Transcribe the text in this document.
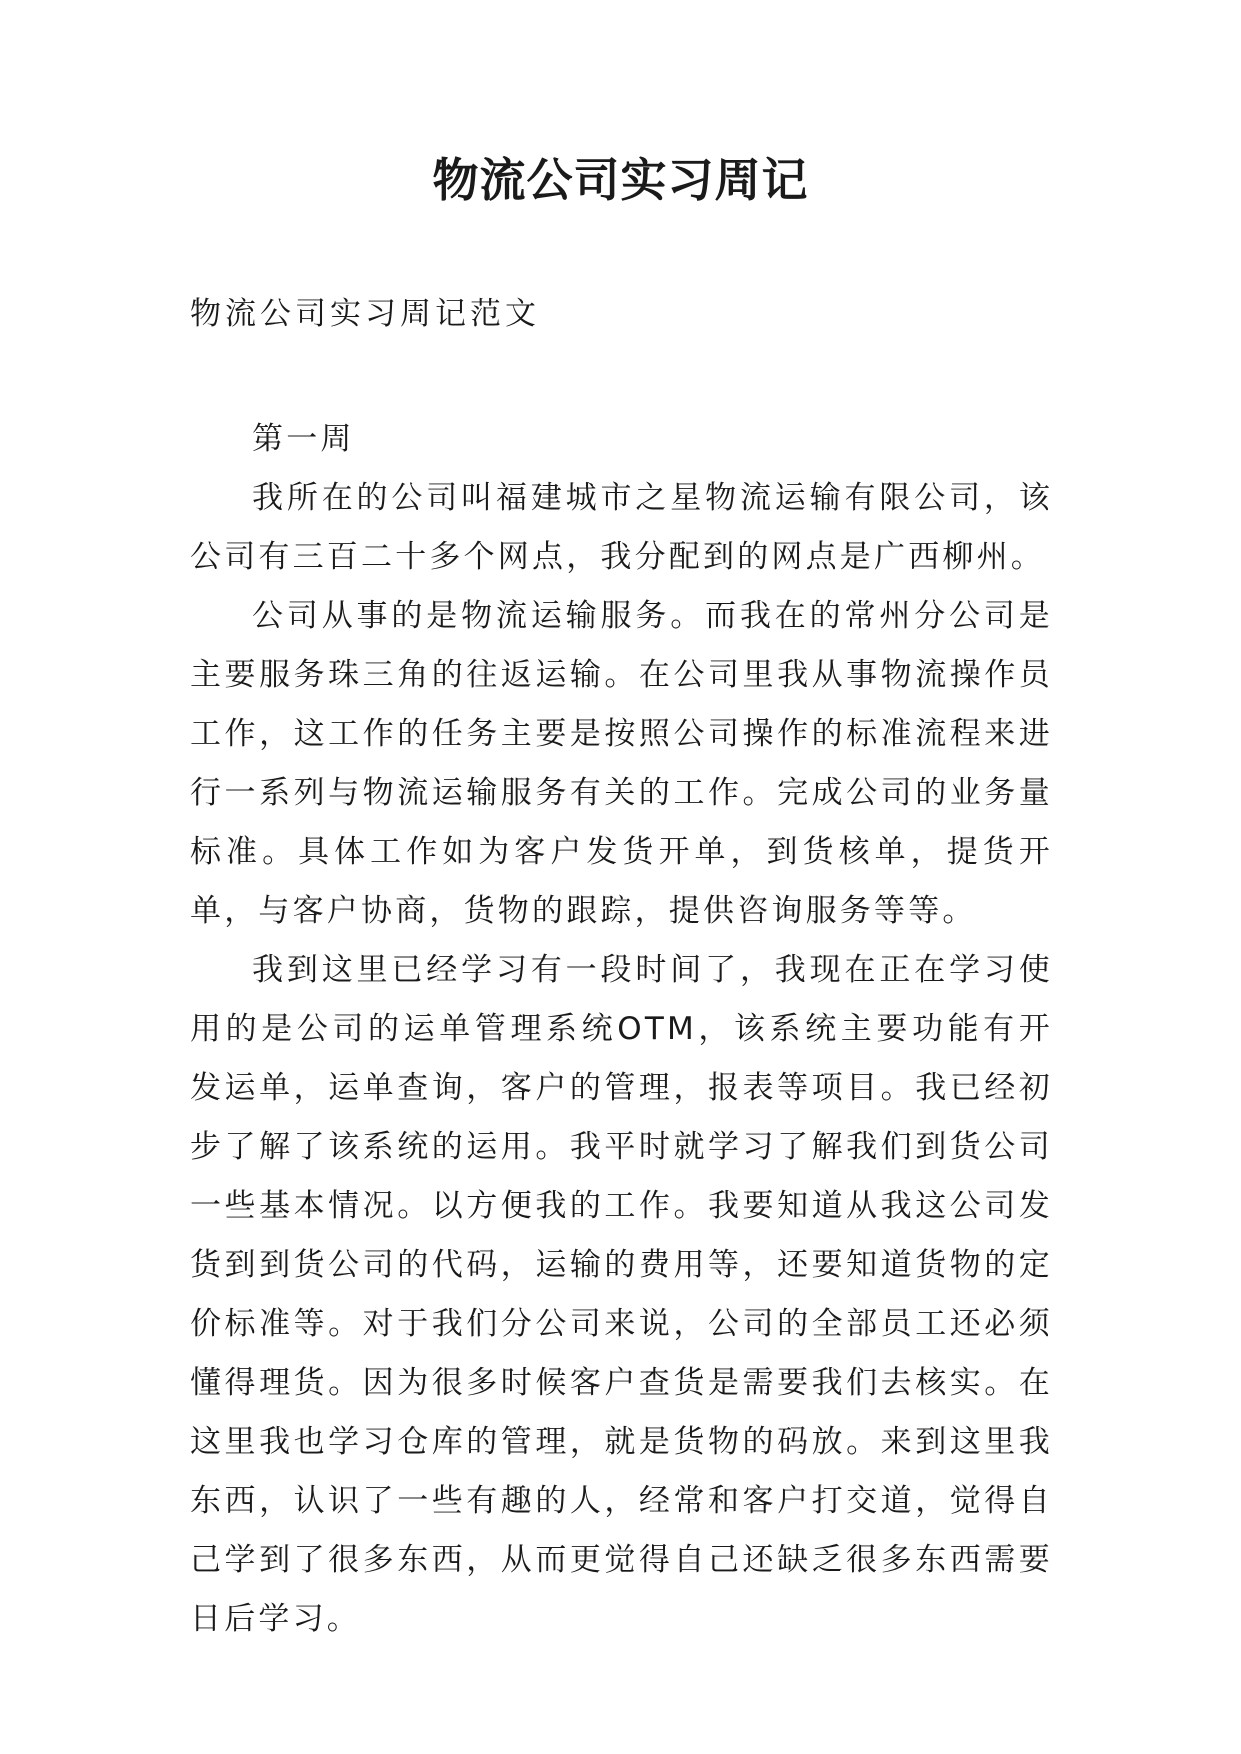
物流公司实习周记
物流公司实习周记范文

第一周

我所在的公司叫福建城市之星物流运输有限公司，该公司有三百二十多个网点，我分配到的网点是广西柳州。

公司从事的是物流运输服务。而我在的常州分公司是主要服务珠三角的往返运输。在公司里我从事物流操作员工作，这工作的任务主要是按照公司操作的标准流程来进行一系列与物流运输服务有关的工作。完成公司的业务量标准。具体工作如为客户发货开单，到货核单，提货开单，与客户协商，货物的跟踪，提供咨询服务等等。

我到这里已经学习有一段时间了，我现在正在学习使用的是公司的运单管理系统OTM，该系统主要功能有开发运单，运单查询，客户的管理，报表等项目。我已经初步了解了该系统的运用。我平时就学习了解我们到货公司一些基本情况。以方便我的工作。我要知道从我这公司发货到到货公司的代码，运输的费用等，还要知道货物的定价标准等。对于我们分公司来说，公司的全部员工还必须懂得理货。因为很多时候客户查货是需要我们去核实。在这里我也学习仓库的管理，就是货物的码放。来到这里我东西，认识了一些有趣的人，经常和客户打交道，觉得自己学到了很多东西，从而更觉得自己还缺乏很多东西需要日后学习。
